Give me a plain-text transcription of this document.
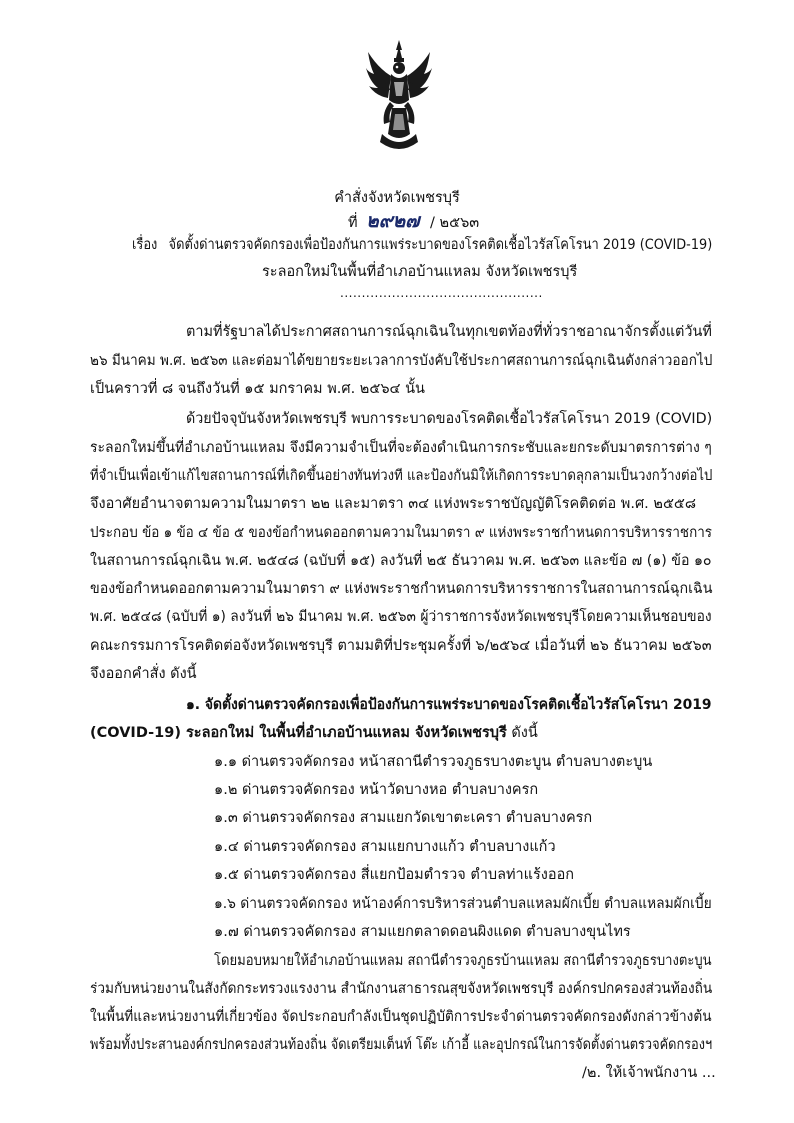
คำสั่งจังหวัดเพชรบุรี
ที่ ๒๙๒๗ / ๒๕๖๓
เรื่อง จัดตั้งด่านตรวจคัดกรองเพื่อป้องกันการแพร่ระบาดของโรคติดเชื้อไวรัสโคโรนา 2019 (COVID-19)
ระลอกใหม่ในพื้นที่อำเภอบ้านแหลม จังหวัดเพชรบุรี
...............................................
ตามที่รัฐบาลได้ประกาศสถานการณ์ฉุกเฉินในทุกเขตท้องที่ทั่วราชอาณาจักรตั้งแต่วันที่
๒๖ มีนาคม พ.ศ. ๒๕๖๓ และต่อมาได้ขยายระยะเวลาการบังคับใช้ประกาศสถานการณ์ฉุกเฉินดังกล่าวออกไป
เป็นคราวที่ ๘ จนถึงวันที่ ๑๕ มกราคม พ.ศ. ๒๕๖๔ นั้น
ด้วยปัจจุบันจังหวัดเพชรบุรี พบการระบาดของโรคติดเชื้อไวรัสโคโรนา 2019 (COVID)
ระลอกใหม่ขึ้นที่อำเภอบ้านแหลม จึงมีความจำเป็นที่จะต้องดำเนินการกระชับและยกระดับมาตรการต่าง ๆ
ที่จำเป็นเพื่อเข้าแก้ไขสถานการณ์ที่เกิดขึ้นอย่างทันท่วงที และป้องกันมิให้เกิดการระบาดลุกลามเป็นวงกว้างต่อไป
จึงอาศัยอำนาจตามความในมาตรา ๒๒ และมาตรา ๓๔ แห่งพระราชบัญญัติโรคติดต่อ พ.ศ. ๒๕๕๘
ประกอบ ข้อ ๑ ข้อ ๔ ข้อ ๕ ของข้อกำหนดออกตามความในมาตรา ๙ แห่งพระราชกำหนดการบริหารราชการ
ในสถานการณ์ฉุกเฉิน พ.ศ. ๒๕๔๘ (ฉบับที่ ๑๕) ลงวันที่ ๒๕ ธันวาคม พ.ศ. ๒๕๖๓ และข้อ ๗ (๑) ข้อ ๑๐
ของข้อกำหนดออกตามความในมาตรา ๙ แห่งพระราชกำหนดการบริหารราชการในสถานการณ์ฉุกเฉิน
พ.ศ. ๒๕๔๘ (ฉบับที่ ๑) ลงวันที่ ๒๖ มีนาคม พ.ศ. ๒๕๖๓ ผู้ว่าราชการจังหวัดเพชรบุรีโดยความเห็นชอบของ
คณะกรรมการโรคติดต่อจังหวัดเพชรบุรี ตามมติที่ประชุมครั้งที่ ๖/๒๕๖๔ เมื่อวันที่ ๒๖ ธันวาคม ๒๕๖๓
จึงออกคำสั่ง ดังนี้
๑. จัดตั้งด่านตรวจคัดกรองเพื่อป้องกันการแพร่ระบาดของโรคติดเชื้อไวรัสโคโรนา 2019
(COVID-19) ระลอกใหม่ ในพื้นที่อำเภอบ้านแหลม จังหวัดเพชรบุรี ดังนี้
๑.๑ ด่านตรวจคัดกรอง หน้าสถานีตำรวจภูธรบางตะบูน ตำบลบางตะบูน
๑.๒ ด่านตรวจคัดกรอง หน้าวัดบางหอ ตำบลบางครก
๑.๓ ด่านตรวจคัดกรอง สามแยกวัดเขาตะเครา ตำบลบางครก
๑.๔ ด่านตรวจคัดกรอง สามแยกบางแก้ว ตำบลบางแก้ว
๑.๕ ด่านตรวจคัดกรอง สี่แยกป้อมตำรวจ ตำบลท่าแร้งออก
๑.๖ ด่านตรวจคัดกรอง หน้าองค์การบริหารส่วนตำบลแหลมผักเบี้ย ตำบลแหลมผักเบี้ย
๑.๗ ด่านตรวจคัดกรอง สามแยกตลาดดอนผิงแดด ตำบลบางขุนไทร
โดยมอบหมายให้อำเภอบ้านแหลม สถานีตำรวจภูธรบ้านแหลม สถานีตำรวจภูธรบางตะบูน
ร่วมกับหน่วยงานในสังกัดกระทรวงแรงงาน สำนักงานสาธารณสุขจังหวัดเพชรบุรี องค์กรปกครองส่วนท้องถิ่น
ในพื้นที่และหน่วยงานที่เกี่ยวข้อง จัดประกอบกำลังเป็นชุดปฏิบัติการประจำด่านตรวจคัดกรองดังกล่าวข้างต้น
พร้อมทั้งประสานองค์กรปกครองส่วนท้องถิ่น จัดเตรียมเต็นท์ โต๊ะ เก้าอี้ และอุปกรณ์ในการจัดตั้งด่านตรวจคัดกรองฯ
/๒. ให้เจ้าพนักงาน ...
